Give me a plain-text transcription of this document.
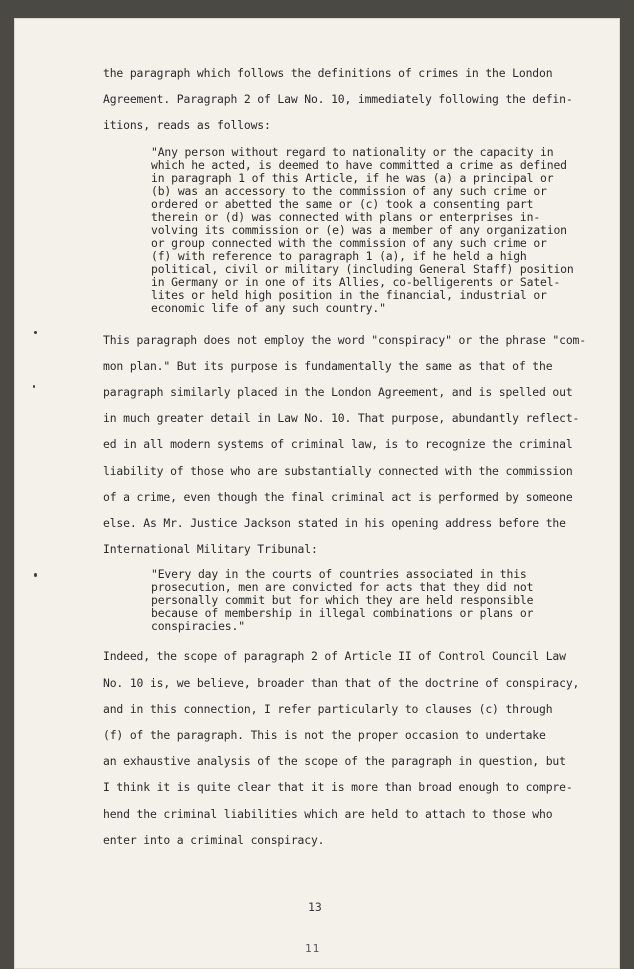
the paragraph which follows the definitions of crimes in the London

Agreement. Paragraph 2 of Law No. 10, immediately following the defin-

itions, reads as follows:

"Any person without regard to nationality or the capacity in

which he acted, is deemed to have committed a crime as defined

in paragraph 1 of this Article, if he was (a) a principal or

(b) was an accessory to the commission of any such crime or

ordered or abetted the same or (c) took a consenting part

therein or (d) was connected with plans or enterprises in-

volving its commission or (e) was a member of any organization

or group connected with the commission of any such crime or

(f) with reference to paragraph 1 (a), if he held a high

political, civil or military (including General Staff) position

in Germany or in one of its Allies, co-belligerents or Satel-

lites or held high position in the financial, industrial or

economic life of any such country."

This paragraph does not employ the word "conspiracy" or the phrase "com-

mon plan." But its purpose is fundamentally the same as that of the

paragraph similarly placed in the London Agreement, and is spelled out

in much greater detail in Law No. 10. That purpose, abundantly reflect-

ed in all modern systems of criminal law, is to recognize the criminal

liability of those who are substantially connected with the commission

of a crime, even though the final criminal act is performed by someone

else. As Mr. Justice Jackson stated in his opening address before the

International Military Tribunal:

"Every day in the courts of countries associated in this

prosecution, men are convicted for acts that they did not

personally commit but for which they are held responsible

because of membership in illegal combinations or plans or

conspiracies."

Indeed, the scope of paragraph 2 of Article II of Control Council Law

No. 10 is, we believe, broader than that of the doctrine of conspiracy,

and in this connection, I refer particularly to clauses (c) through

(f) of the paragraph. This is not the proper occasion to undertake

an exhaustive analysis of the scope of the paragraph in question, but

I think it is quite clear that it is more than broad enough to compre-

hend the criminal liabilities which are held to attach to those who

enter into a criminal conspiracy.

13
11
